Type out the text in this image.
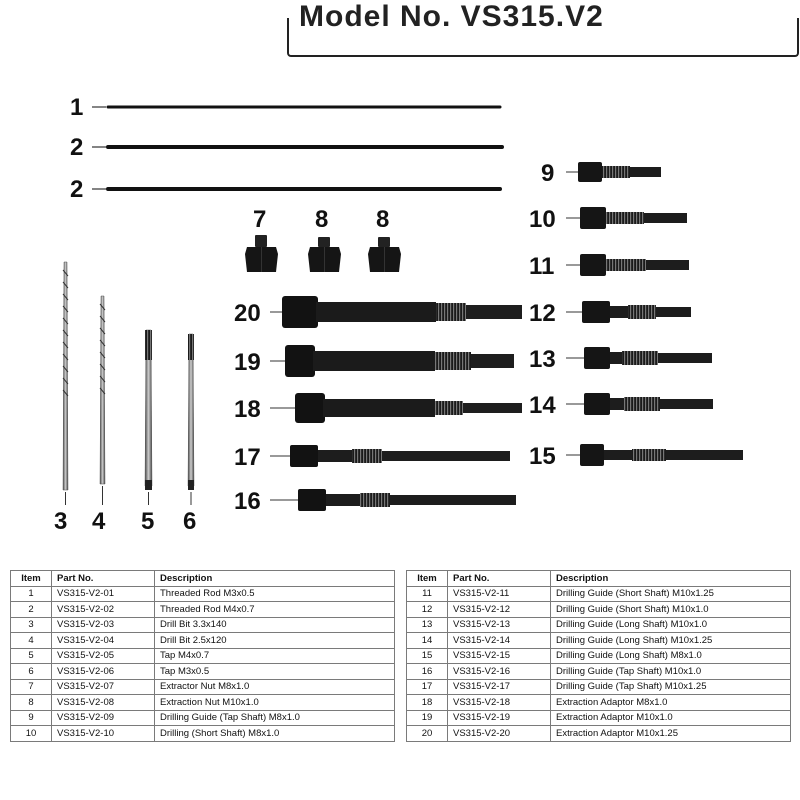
Model No. VS315.V2
1
2
2
3 4 5 6
7 8 8
20
19
18
17
16
9
10
11
12
13
14
15
Item	Part No.	Description
1	VS315-V2-01	Threaded Rod M3x0.5
2	VS315-V2-02	Threaded Rod M4x0.7
3	VS315-V2-03	Drill Bit 3.3x140
4	VS315-V2-04	Drill Bit 2.5x120
5	VS315-V2-05	Tap M4x0.7
6	VS315-V2-06	Tap M3x0.5
7	VS315-V2-07	Extractor Nut M8x1.0
8	VS315-V2-08	Extraction Nut M10x1.0
9	VS315-V2-09	Drilling Guide (Tap Shaft) M8x1.0
10	VS315-V2-10	Drilling (Short Shaft) M8x1.0
Item	Part No.	Description
11	VS315-V2-11	Drilling Guide (Short Shaft) M10x1.25
12	VS315-V2-12	Drilling Guide (Short Shaft) M10x1.0
13	VS315-V2-13	Drilling Guide (Long Shaft) M10x1.0
14	VS315-V2-14	Drilling Guide (Long Shaft) M10x1.25
15	VS315-V2-15	Drilling Guide (Long Shaft) M8x1.0
16	VS315-V2-16	Drilling Guide (Tap Shaft) M10x1.0
17	VS315-V2-17	Drilling Guide (Tap Shaft) M10x1.25
18	VS315-V2-18	Extraction Adaptor M8x1.0
19	VS315-V2-19	Extraction Adaptor M10x1.0
20	VS315-V2-20	Extraction Adaptor M10x1.25
